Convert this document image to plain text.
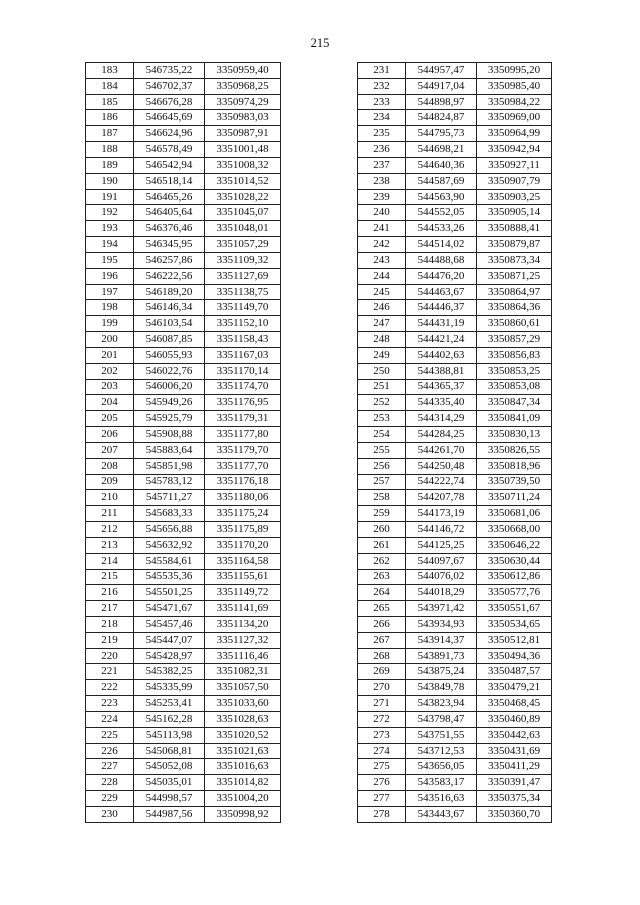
215
183	546735,22	3350959,40
184	546702,37	3350968,25
185	546676,28	3350974,29
186	546645,69	3350983,03
187	546624,96	3350987,91
188	546578,49	3351001,48
189	546542,94	3351008,32
190	546518,14	3351014,52
191	546465,26	3351028,22
192	546405,64	3351045,07
193	546376,46	3351048,01
194	546345,95	3351057,29
195	546257,86	3351109,32
196	546222,56	3351127,69
197	546189,20	3351138,75
198	546146,34	3351149,70
199	546103,54	3351152,10
200	546087,85	3351158,43
201	546055,93	3351167,03
202	546022,76	3351170,14
203	546006,20	3351174,70
204	545949,26	3351176,95
205	545925,79	3351179,31
206	545908,88	3351177,80
207	545883,64	3351179,70
208	545851,98	3351177,70
209	545783,12	3351176,18
210	545711,27	3351180,06
211	545683,33	3351175,24
212	545656,88	3351175,89
213	545632,92	3351170,20
214	545584,61	3351164,58
215	545535,36	3351155,61
216	545501,25	3351149,72
217	545471,67	3351141,69
218	545457,46	3351134,20
219	545447,07	3351127,32
220	545428,97	3351116,46
221	545382,25	3351082,31
222	545335,99	3351057,50
223	545253,41	3351033,60
224	545162,28	3351028,63
225	545113,98	3351020,52
226	545068,81	3351021,63
227	545052,08	3351016,63
228	545035,01	3351014,82
229	544998,57	3351004,20
230	544987,56	3350998,92
231	544957,47	3350995,20
232	544917,04	3350985,40
233	544898,97	3350984,22
234	544824,87	3350969,00
235	544795,73	3350964,99
236	544698,21	3350942,94
237	544640,36	3350927,11
238	544587,69	3350907,79
239	544563,90	3350903,25
240	544552,05	3350905,14
241	544533,26	3350888,41
242	544514,02	3350879,87
243	544488,68	3350873,34
244	544476,20	3350871,25
245	544463,67	3350864,97
246	544446,37	3350864,36
247	544431,19	3350860,61
248	544421,24	3350857,29
249	544402,63	3350856,83
250	544388,81	3350853,25
251	544365,37	3350853,08
252	544335,40	3350847,34
253	544314,29	3350841,09
254	544284,25	3350830,13
255	544261,70	3350826,55
256	544250,48	3350818,96
257	544222,74	3350739,50
258	544207,78	3350711,24
259	544173,19	3350681,06
260	544146,72	3350668,00
261	544125,25	3350646,22
262	544097,67	3350630,44
263	544076,02	3350612,86
264	544018,29	3350577,76
265	543971,42	3350551,67
266	543934,93	3350534,65
267	543914,37	3350512,81
268	543891,73	3350494,36
269	543875,24	3350487,57
270	543849,78	3350479,21
271	543823,94	3350468,45
272	543798,47	3350460,89
273	543751,55	3350442,63
274	543712,53	3350431,69
275	543656,05	3350411,29
276	543583,17	3350391,47
277	543516,63	3350375,34
278	543443,67	3350360,70
